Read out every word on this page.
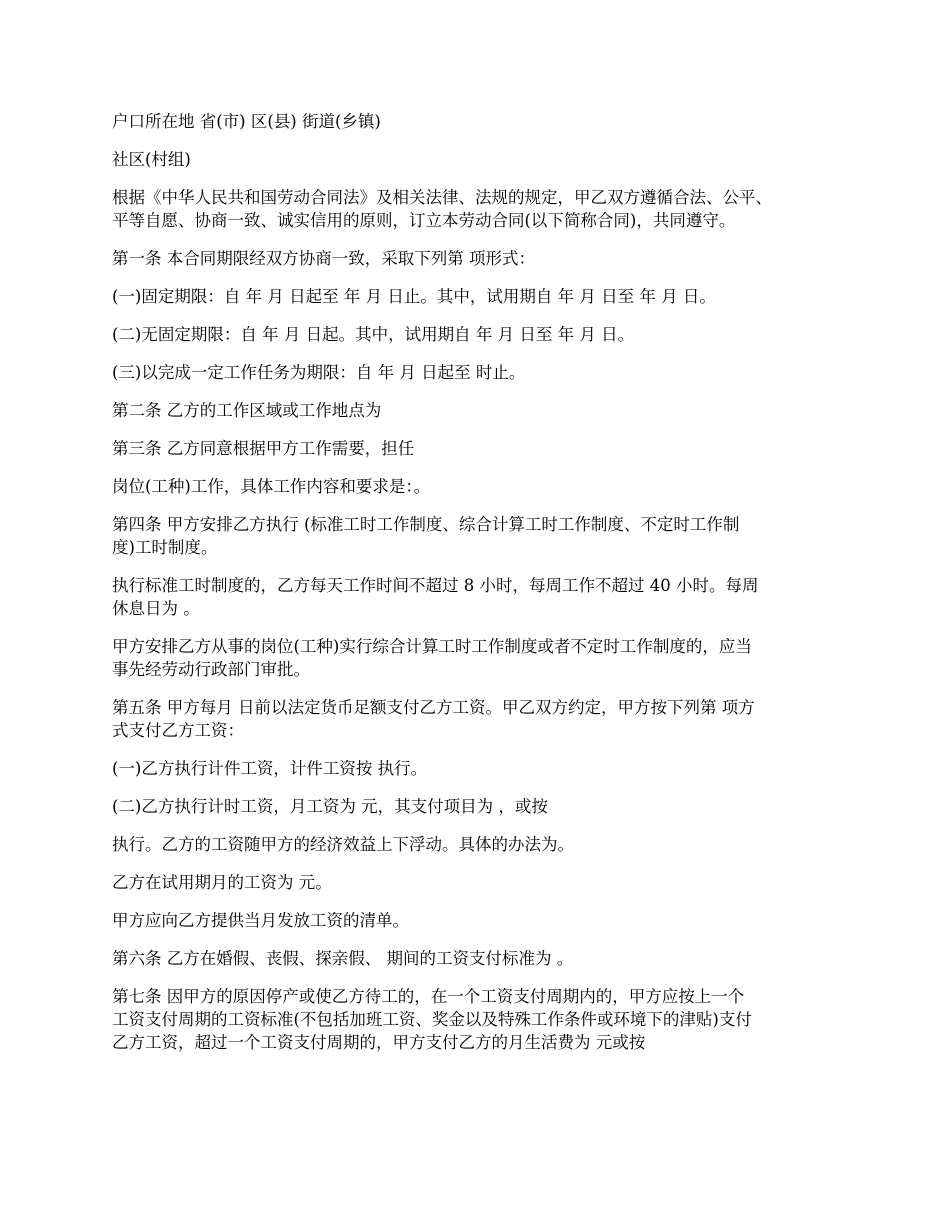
户口所在地 省(市) 区(县) 街道(乡镇)

社区(村组)

根据《中华人民共和国劳动合同法》及相关法律、法规的规定，甲乙双方遵循合法、公平、
平等自愿、协商一致、诚实信用的原则，订立本劳动合同(以下简称合同)，共同遵守。

第一条 本合同期限经双方协商一致，采取下列第 项形式：

(一)固定期限：自 年 月 日起至 年 月 日止。其中，试用期自 年 月 日至 年 月 日。

(二)无固定期限：自 年 月 日起。其中，试用期自 年 月 日至 年 月 日。

(三)以完成一定工作任务为期限：自 年 月 日起至 时止。

第二条 乙方的工作区域或工作地点为

第三条 乙方同意根据甲方工作需要，担任

岗位(工种)工作，具体工作内容和要求是：。

第四条 甲方安排乙方执行 (标准工时工作制度、综合计算工时工作制度、不定时工作制
度)工时制度。

执行标准工时制度的，乙方每天工作时间不超过 8 小时，每周工作不超过 40 小时。每周
休息日为 。

甲方安排乙方从事的岗位(工种)实行综合计算工时工作制度或者不定时工作制度的，应当
事先经劳动行政部门审批。

第五条 甲方每月 日前以法定货币足额支付乙方工资。甲乙双方约定，甲方按下列第 项方
式支付乙方工资：

(一)乙方执行计件工资，计件工资按 执行。

(二)乙方执行计时工资，月工资为 元，其支付项目为 ，或按

执行。乙方的工资随甲方的经济效益上下浮动。具体的办法为。

乙方在试用期月的工资为 元。

甲方应向乙方提供当月发放工资的清单。

第六条 乙方在婚假、丧假、探亲假、 期间的工资支付标准为 。

第七条 因甲方的原因停产或使乙方待工的，在一个工资支付周期内的，甲方应按上一个
工资支付周期的工资标准(不包括加班工资、奖金以及特殊工作条件或环境下的津贴)支付
乙方工资，超过一个工资支付周期的，甲方支付乙方的月生活费为 元或按
